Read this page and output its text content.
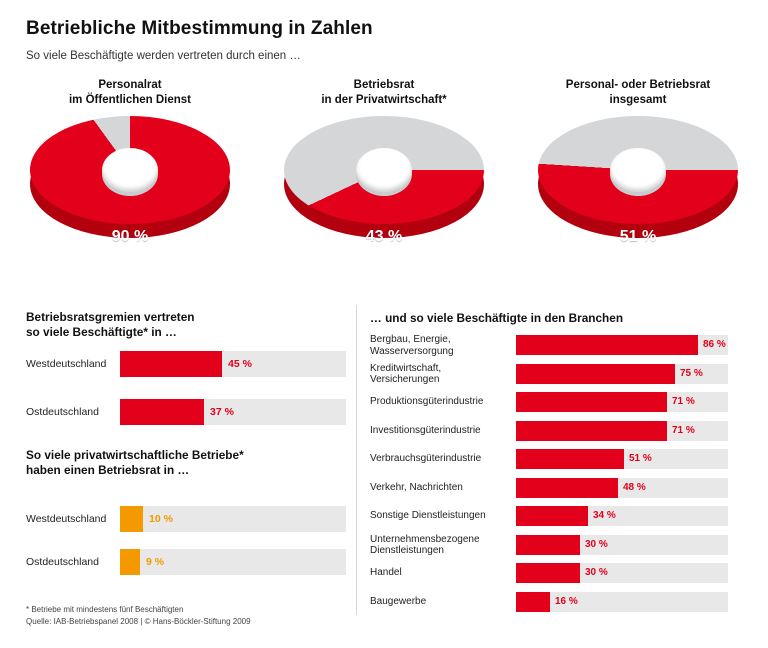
Betriebliche Mitbestimmung in Zahlen
So viele Beschäftigte werden vertreten durch einen …
Personalrat
im Öffentlichen Dienst
90 %
Betriebsrat
in der Privatwirtschaft*
43 %
Personal- oder Betriebsrat
insgesamt
51 %
Betriebsratsgremien vertreten
so viele Beschäftigte* in …
Westdeutschland	45 %
Ostdeutschland	37 %
So viele privatwirtschaftliche Betriebe*
haben einen Betriebsrat in …
Westdeutschland	10 %
Ostdeutschland	9 %
… und so viele Beschäftigte in den Branchen
Bergbau, Energie,
Wasserversorgung
86 %
Kreditwirtschaft,
Versicherungen
75 %
Produktionsgüterindustrie	71 %
Investitionsgüterindustrie	71 %
Verbrauchsgüterindustrie	51 %
Verkehr, Nachrichten	48 %
Sonstige Dienstleistungen	34 %
Unternehmensbezogene
Dienstleistungen
30 %
Handel	30 %
Baugewerbe	16 %
* Betriebe mit mindestens fünf Beschäftigten
Quelle: IAB-Betriebspanel 2008 | © Hans-Böckler-Stiftung 2009
